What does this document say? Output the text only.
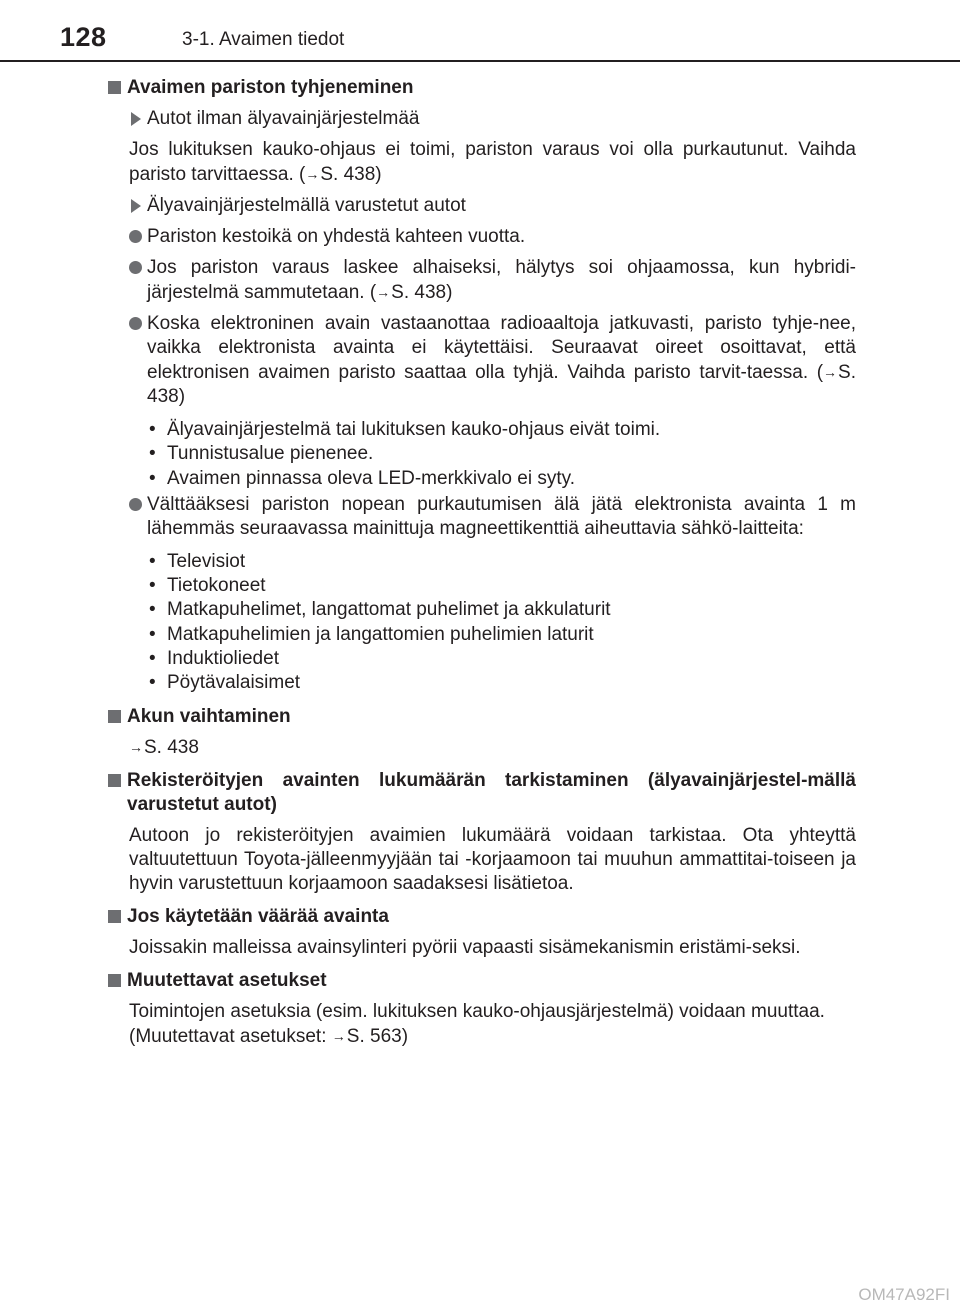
128	3-1. Avaimen tiedot
Avaimen pariston tyhjeneminen
Autot ilman älyavainjärjestelmää
Jos lukituksen kauko-ohjaus ei toimi, pariston varaus voi olla purkautunut. Vaihda paristo tarvittaessa. (→S. 438)
Älyavainjärjestelmällä varustetut autot
Pariston kestoikä on yhdestä kahteen vuotta.
Jos pariston varaus laskee alhaiseksi, hälytys soi ohjaamossa, kun hybridi-järjestelmä sammutetaan. (→S. 438)
Koska elektroninen avain vastaanottaa radioaaltoja jatkuvasti, paristo tyhje-nee, vaikka elektronista avainta ei käytettäisi. Seuraavat oireet osoittavat, että elektronisen avaimen paristo saattaa olla tyhjä. Vaihda paristo tarvit-taessa. (→S. 438)
• Älyavainjärjestelmä tai lukituksen kauko-ohjaus eivät toimi.
• Tunnistusalue pienenee.
• Avaimen pinnassa oleva LED-merkkivalo ei syty.
Välttääksesi pariston nopean purkautumisen älä jätä elektronista avainta 1 m lähemmäs seuraavassa mainittuja magneettikenttiä aiheuttavia sähkö-laitteita:
• Televisiot
• Tietokoneet
• Matkapuhelimet, langattomat puhelimet ja akkulaturit
• Matkapuhelimien ja langattomien puhelimien laturit
• Induktioliedet
• Pöytävalaisimet
Akun vaihtaminen
→S. 438
Rekisteröityjen avainten lukumäärän tarkistaminen (älyavainjärjestel-mällä varustetut autot)
Autoon jo rekisteröityjen avaimien lukumäärä voidaan tarkistaa. Ota yhteyttä valtuutettuun Toyota-jälleenmyyjään tai -korjaamoon tai muuhun ammattitai-toiseen ja hyvin varustettuun korjaamoon saadaksesi lisätietoa.
Jos käytetään väärää avainta
Joissakin malleissa avainsylinteri pyörii vapaasti sisämekanismin eristämi-seksi.
Muutettavat asetukset
Toimintojen asetuksia (esim. lukituksen kauko-ohjausjärjestelmä) voidaan muuttaa.
(Muutettavat asetukset: →S. 563)
OM47A92FI
